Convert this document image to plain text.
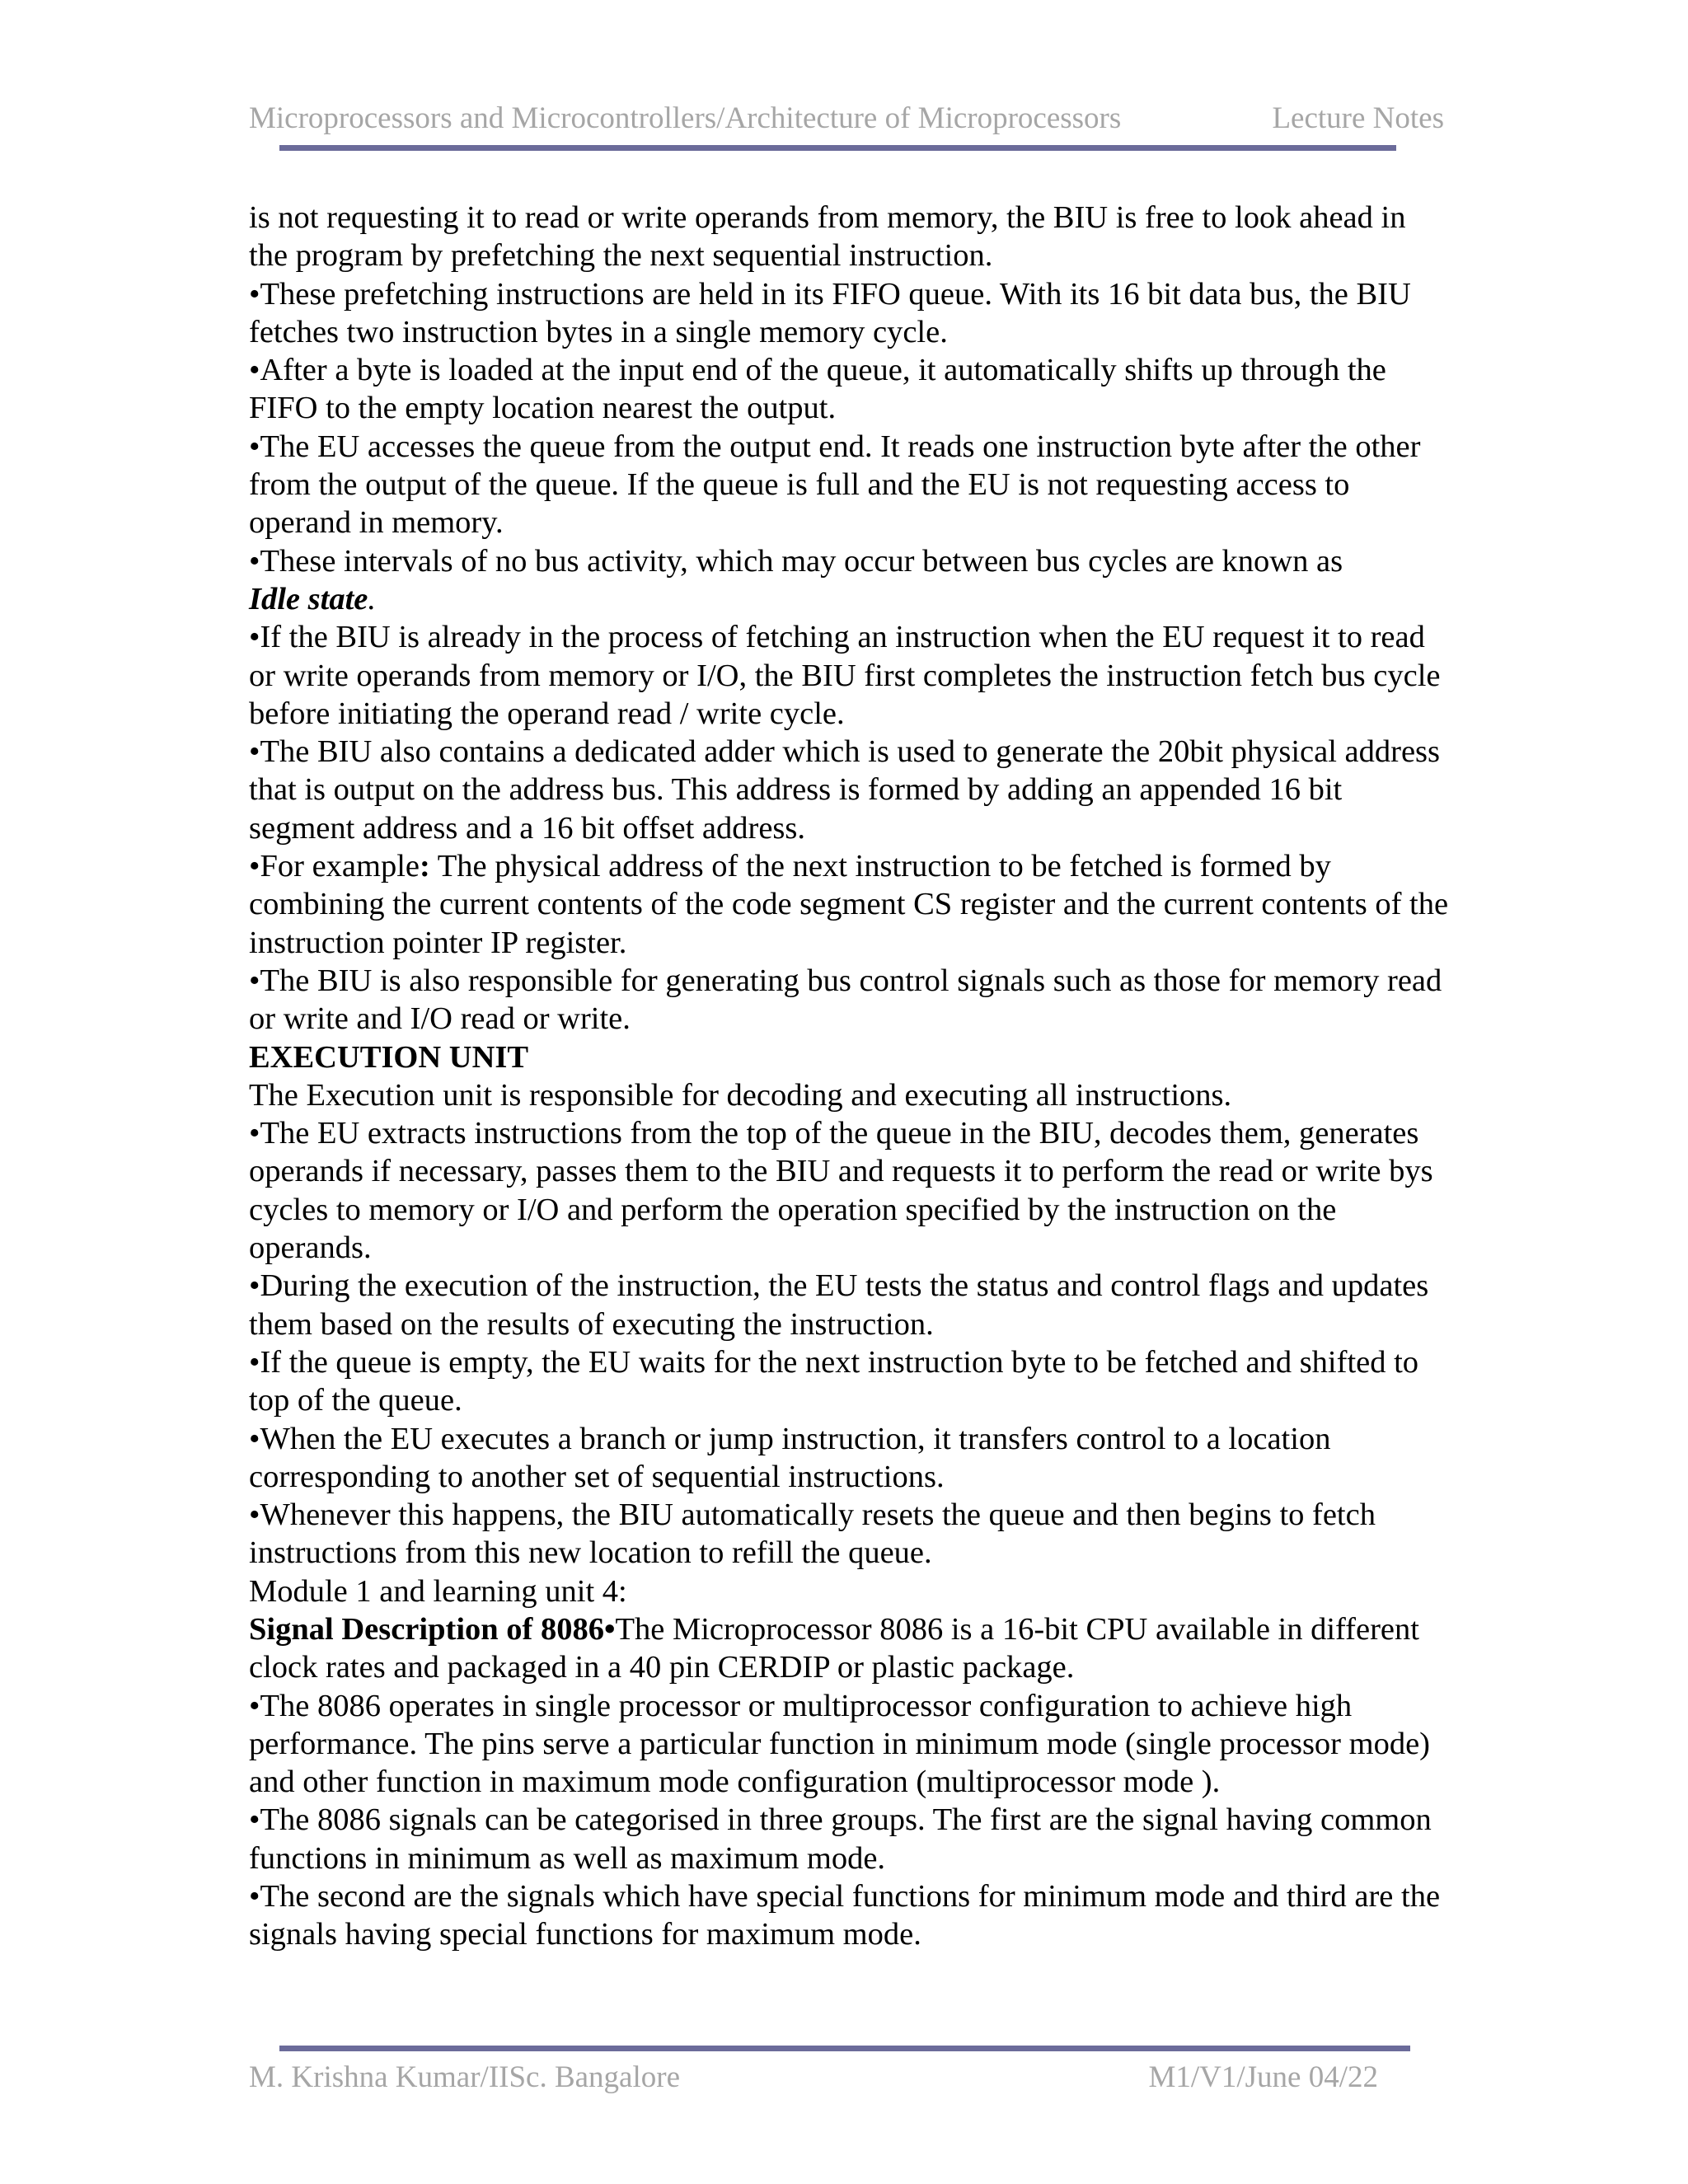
Microprocessors and Microcontrollers/Architecture of Microprocessors	Lecture Notes

is not requesting it to read or write operands from memory, the BIU is free to look ahead in the program by prefetching the next sequential instruction.

•These prefetching instructions are held in its FIFO queue. With its 16 bit data bus, the BIU fetches two instruction bytes in a single memory cycle.

•After a byte is loaded at the input end of the queue, it automatically shifts up through the FIFO to the empty location nearest the output.

•The EU accesses the queue from the output end. It reads one instruction byte after the other from the output of the queue. If the queue is full and the EU is not requesting access to operand in memory.

•These intervals of no bus activity, which may occur between bus cycles are known as
Idle state.

•If the BIU is already in the process of fetching an instruction when the EU request it to read or write operands from memory or I/O, the BIU first completes the instruction fetch bus cycle before initiating the operand read / write cycle.

•The BIU also contains a dedicated adder which is used to generate the 20bit physical address that is output on the address bus. This address is formed by adding an appended 16 bit segment address and a 16 bit offset address.

•For example: The physical address of the next instruction to be fetched is formed by combining the current contents of the code segment CS register and the current contents of the instruction pointer IP register.

•The BIU is also responsible for generating bus control signals such as those for memory read or write and I/O read or write.

EXECUTION UNIT

The Execution unit is responsible for decoding and executing all instructions.

•The EU extracts instructions from the top of the queue in the BIU, decodes them, generates operands if necessary, passes them to the BIU and requests it to perform the read or write bys cycles to memory or I/O and perform the operation specified by the instruction on the operands.

•During the execution of the instruction, the EU tests the status and control flags and updates them based on the results of executing the instruction.

•If the queue is empty, the EU waits for the next instruction byte to be fetched and shifted to top of the queue.

•When the EU executes a branch or jump instruction, it transfers control to a location corresponding to another set of sequential instructions.

•Whenever this happens, the BIU automatically resets the queue and then begins to fetch instructions from this new location to refill the queue.

Module 1 and learning unit 4:

Signal Description of 8086•The Microprocessor 8086 is a 16-bit CPU available in different clock rates and packaged in a 40 pin CERDIP or plastic package.

•The 8086 operates in single processor or multiprocessor configuration to achieve high performance. The pins serve a particular function in minimum mode (single processor mode) and other function in maximum mode configuration (multiprocessor mode ).

•The 8086 signals can be categorised in three groups. The first are the signal having common functions in minimum as well as maximum mode.

•The second are the signals which have special functions for minimum mode and third are the signals having special functions for maximum mode.

M. Krishna Kumar/IISc. Bangalore	M1/V1/June 04/22
